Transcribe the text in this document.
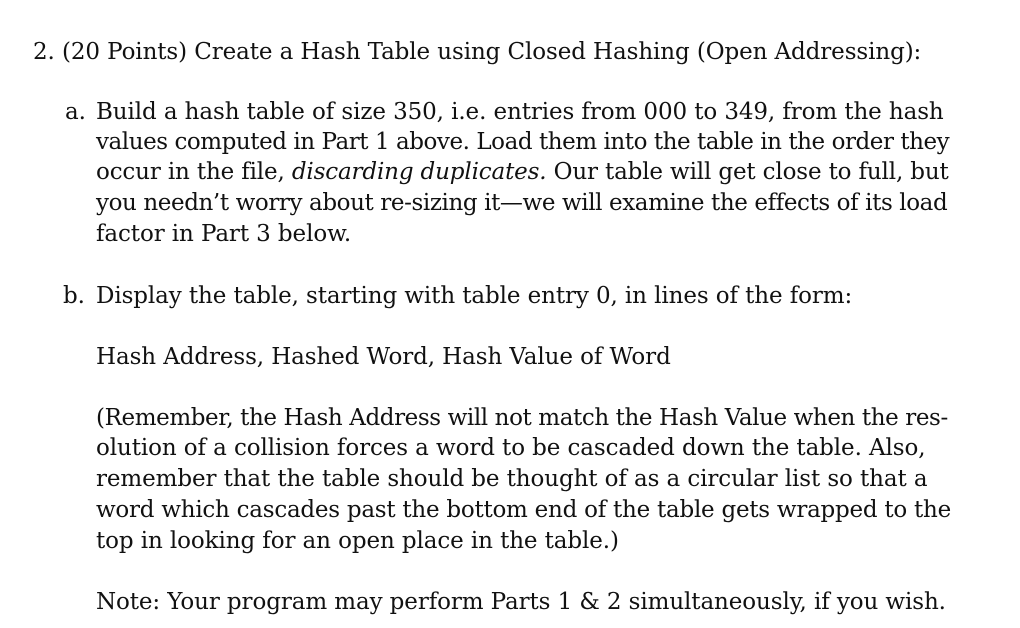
2. (20 Points) Create a Hash Table using Closed Hashing (Open Addressing):
a. Build a hash table of size 350, i.e. entries from 000 to 349, from the hash
values computed in Part 1 above. Load them into the table in the order they
occur in the file, discarding duplicates. Our table will get close to full, but
you needn’t worry about re-sizing it—we will examine the effects of its load
factor in Part 3 below.
b. Display the table, starting with table entry 0, in lines of the form:
Hash Address, Hashed Word, Hash Value of Word
(Remember, the Hash Address will not match the Hash Value when the res-
olution of a collision forces a word to be cascaded down the table. Also,
remember that the table should be thought of as a circular list so that a
word which cascades past the bottom end of the table gets wrapped to the
top in looking for an open place in the table.)
Note: Your program may perform Parts 1 & 2 simultaneously, if you wish.
